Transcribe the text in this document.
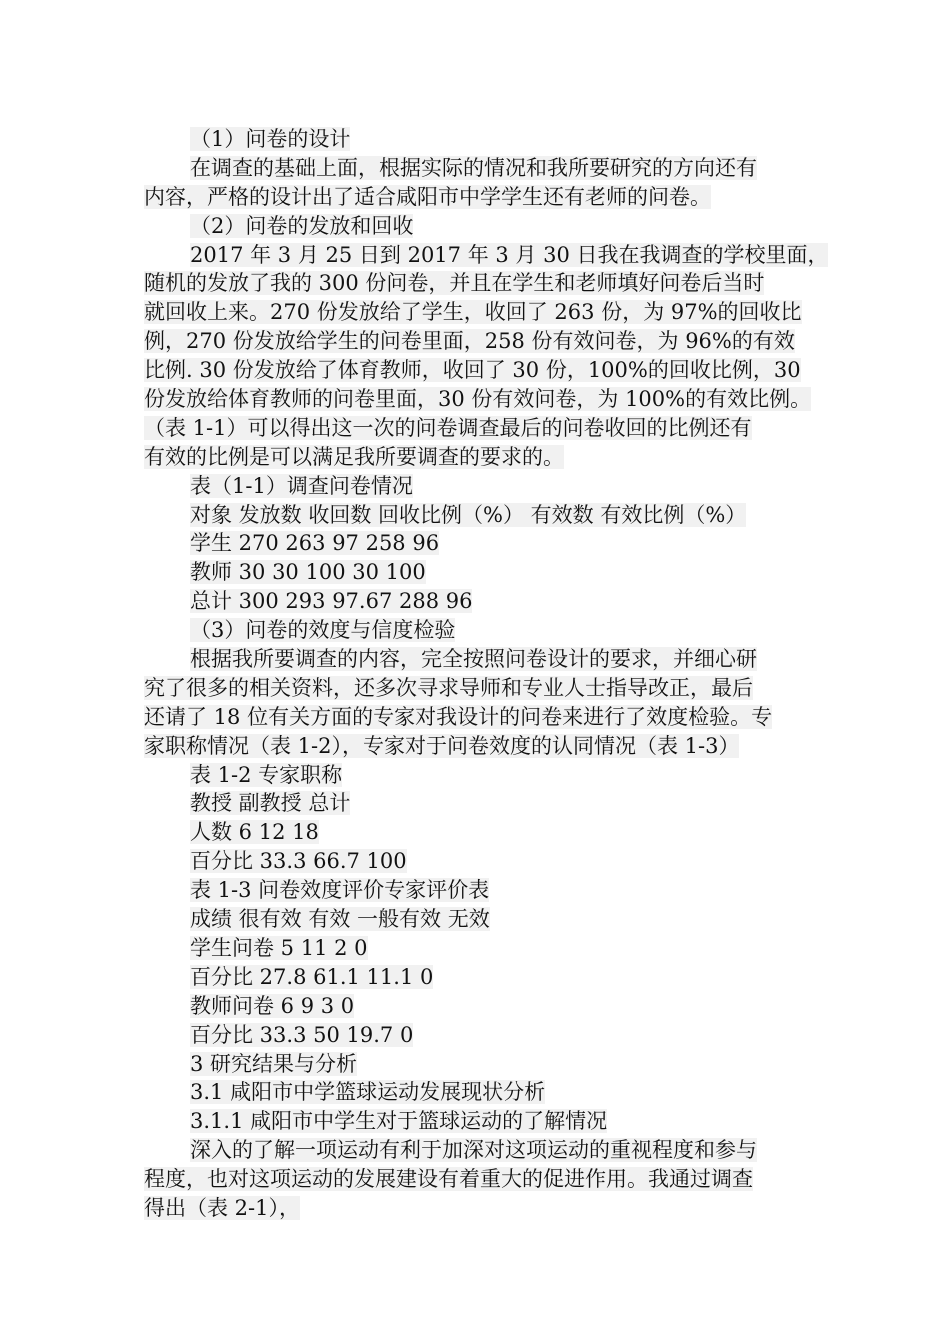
（1）问卷的设计
在调查的基础上面，根据实际的情况和我所要研究的方向还有
内容，严格的设计出了适合咸阳市中学学生还有老师的问卷。
（2）问卷的发放和回收
2017 年 3 月 25 日到 2017 年 3 月 30 日我在我调查的学校里面，
随机的发放了我的 300 份问卷，并且在学生和老师填好问卷后当时
就回收上来。270 份发放给了学生，收回了 263 份，为 97%的回收比
例，270 份发放给学生的问卷里面，258 份有效问卷，为 96%的有效
比例. 30 份发放给了体育教师，收回了 30 份，100%的回收比例，30
份发放给体育教师的问卷里面，30 份有效问卷，为 100%的有效比例。
（表 1-1）可以得出这一次的问卷调查最后的问卷收回的比例还有
有效的比例是可以满足我所要调查的要求的。
表（1-1）调查问卷情况
对象 发放数 收回数 回收比例（%） 有效数 有效比例（%）
学生 270 263 97 258 96
教师 30 30 100 30 100
总计 300 293 97.67 288 96
（3）问卷的效度与信度检验
根据我所要调查的内容，完全按照问卷设计的要求，并细心研
究了很多的相关资料，还多次寻求导师和专业人士指导改正，最后
还请了 18 位有关方面的专家对我设计的问卷来进行了效度检验。专
家职称情况（表 1-2），专家对于问卷效度的认同情况（表 1-3）
表 1-2 专家职称
教授 副教授 总计
人数 6 12 18
百分比 33.3 66.7 100
表 1-3 问卷效度评价专家评价表
成绩 很有效 有效 一般有效 无效
学生问卷 5 11 2 0
百分比 27.8 61.1 11.1 0
教师问卷 6 9 3 0
百分比 33.3 50 19.7 0
3 研究结果与分析
3.1 咸阳市中学篮球运动发展现状分析
3.1.1 咸阳市中学生对于篮球运动的了解情况
深入的了解一项运动有利于加深对这项运动的重视程度和参与
程度，也对这项运动的发展建设有着重大的促进作用。我通过调查
得出（表 2-1），
